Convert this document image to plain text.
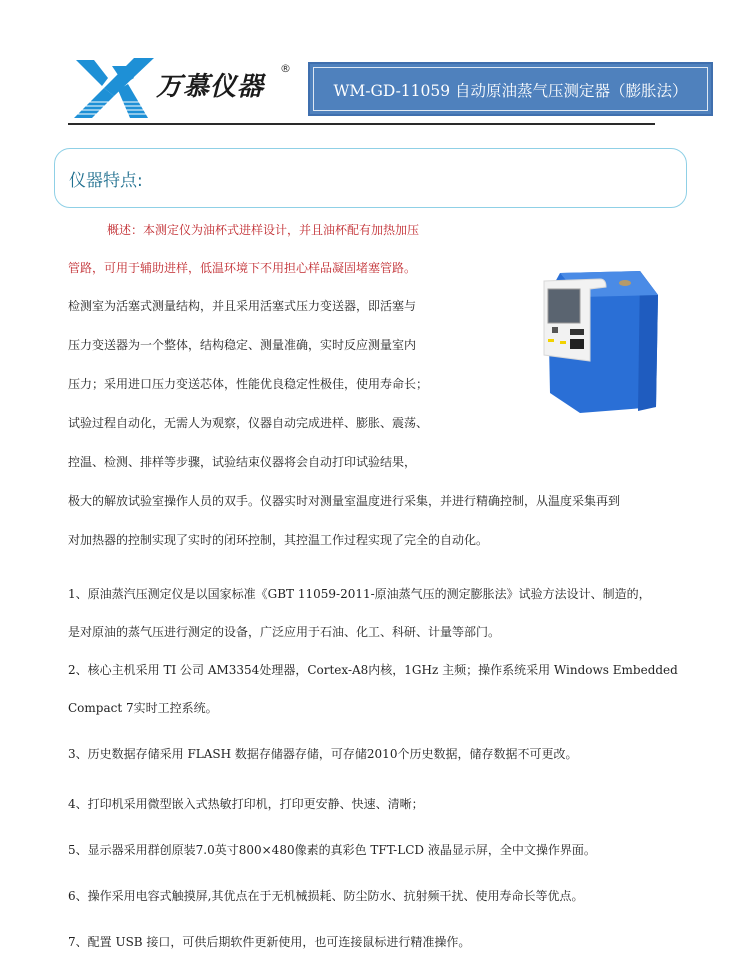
万慕仪器
®
WM-GD-11059 自动原油蒸气压测定器（膨胀法）
仪器特点:
概述：本测定仪为油杯式进样设计，并且油杯配有加热加压
管路，可用于辅助进样，低温环境下不用担心样品凝固堵塞管路。
检测室为活塞式测量结构，并且采用活塞式压力变送器，即活塞与
压力变送器为一个整体，结构稳定、测量准确，实时反应测量室内
压力；采用进口压力变送芯体，性能优良稳定性极佳，使用寿命长；
试验过程自动化，无需人为观察，仪器自动完成进样、膨胀、震荡、
控温、检测、排样等步骤，试验结束仪器将会自动打印试验结果，
极大的解放试验室操作人员的双手。仪器实时对测量室温度进行采集，并进行精确控制，从温度采集再到
对加热器的控制实现了实时的闭环控制，其控温工作过程实现了完全的自动化。
1、原油蒸汽压测定仪是以国家标准《GBT 11059-2011-原油蒸气压的测定膨胀法》试验方法设计、制造的，
是对原油的蒸气压进行测定的设备，广泛应用于石油、化工、科研、计量等部门。
2、核心主机采用 TI 公司 AM3354处理器，Cortex-A8内核，1GHz 主频；操作系统采用 Windows Embedded
Compact 7实时工控系统。
3、历史数据存储采用 FLASH 数据存储器存储，可存储2010个历史数据，储存数据不可更改。
4、打印机采用微型嵌入式热敏打印机，打印更安静、快速、清晰；
5、显示器采用群创原装7.0英寸800×480像素的真彩色 TFT-LCD 液晶显示屏，全中文操作界面。
6、操作采用电容式触摸屏,其优点在于无机械损耗、防尘防水、抗射频干扰、使用寿命长等优点。
7、配置 USB 接口，可供后期软件更新使用，也可连接鼠标进行精准操作。
